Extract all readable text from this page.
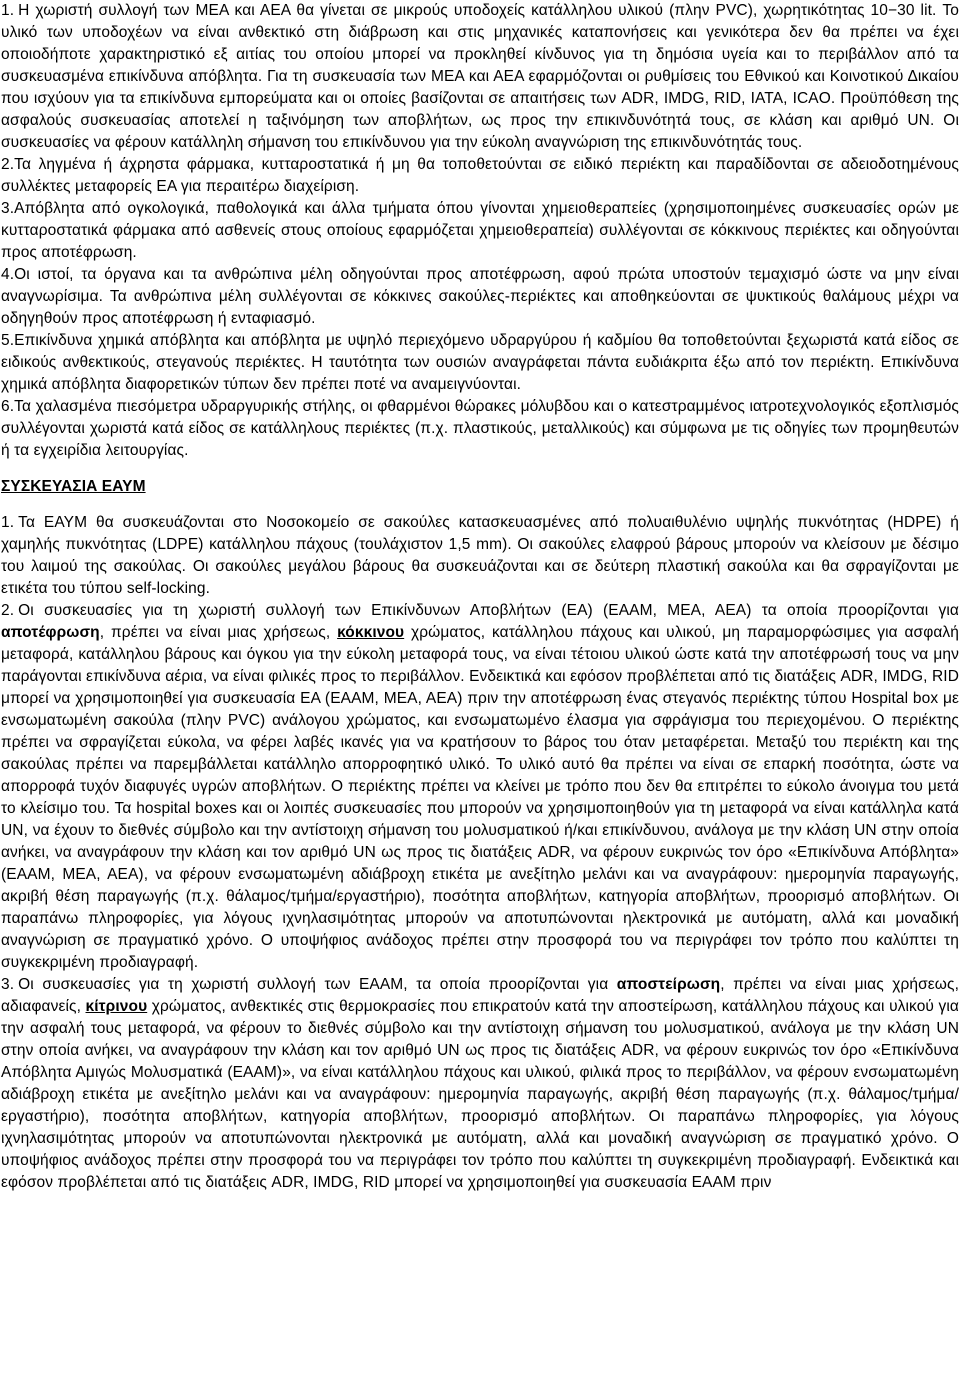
1. Η χωριστή συλλογή των ΜΕΑ και ΑΕΑ θα γίνεται σε μικρούς υποδοχείς κατάλληλου υλικού (πλην PVC), χωρητικότητας 10−30 lit. Το υλικό των υποδοχέων να είναι ανθεκτικό στη διάβρωση και στις μηχανικές καταπονήσεις και γενικότερα δεν θα πρέπει να έχει οποιοδήποτε χαρακτηριστικό εξ αιτίας του οποίου μπορεί να προκληθεί κίνδυνος για τη δημόσια υγεία και το περιβάλλον από τα συσκευασμένα επικίνδυνα απόβλητα. Για τη συσκευασία των ΜΕΑ και ΑΕΑ εφαρμόζονται οι ρυθμίσεις του Εθνικού και Κοινοτικού Δικαίου που ισχύουν για τα επικίνδυνα εμπορεύματα και οι οποίες βασίζονται σε απαιτήσεις των ADR, IMDG, RID, IATA, ICAO. Προϋπόθεση της ασφαλούς συσκευασίας αποτελεί η ταξινόμηση των αποβλήτων, ως προς την επικινδυνότητά τους, σε κλάση και αριθμό UN. Οι συσκευασίες να φέρουν κατάλληλη σήμανση του επικίνδυνου για την εύκολη αναγνώριση της επικινδυνότητάς τους.

2.Τα ληγμένα ή άχρηστα φάρμακα, κυτταροστατικά ή μη θα τοποθετούνται σε ειδικό περιέκτη και παραδίδονται σε αδειοδοτημένους συλλέκτες μεταφορείς ΕΑ για περαιτέρω διαχείριση.

3.Απόβλητα από ογκολογικά, παθολογικά και άλλα τμήματα όπου γίνονται χημειοθεραπείες (χρησιμοποιημένες συσκευασίες ορών με κυτταροστατικά φάρμακα από ασθενείς στους οποίους εφαρμόζεται χημειοθεραπεία) συλλέγονται σε κόκκινους περιέκτες και οδηγούνται προς αποτέφρωση.

4.Οι ιστοί, τα όργανα και τα ανθρώπινα μέλη οδηγούνται προς αποτέφρωση, αφού πρώτα υποστούν τεμαχισμό ώστε να μην είναι αναγνωρίσιμα. Τα ανθρώπινα μέλη συλλέγονται σε κόκκινες σακούλες-περιέκτες και αποθηκεύονται σε ψυκτικούς θαλάμους μέχρι να οδηγηθούν προς αποτέφρωση ή ενταφιασμό.

5.Επικίνδυνα χημικά απόβλητα και απόβλητα με υψηλό περιεχόμενο υδραργύρου ή καδμίου θα τοποθετούνται ξεχωριστά κατά είδος σε ειδικούς ανθεκτικούς, στεγανούς περιέκτες. Η ταυτότητα των ουσιών αναγράφεται πάντα ευδιάκριτα έξω από τον περιέκτη. Επικίνδυνα χημικά απόβλητα διαφορετικών τύπων δεν πρέπει ποτέ να αναμειγνύονται.

6.Τα χαλασμένα πιεσόμετρα υδραργυρικής στήλης, οι φθαρμένοι θώρακες μόλυβδου και ο κατεστραμμένος ιατροτεχνολογικός εξοπλισμός συλλέγονται χωριστά κατά είδος σε κατάλληλους περιέκτες (π.χ. πλαστικούς, μεταλλικούς) και σύμφωνα με τις οδηγίες των προμηθευτών ή τα εγχειρίδια λειτουργίας.

ΣΥΣΚΕΥΑΣΙΑ ΕΑΥΜ

1. Τα ΕΑΥΜ θα συσκευάζονται στο Νοσοκομείο σε σακούλες κατασκευασμένες από πολυαιθυλένιο υψηλής πυκνότητας (HDPE) ή χαμηλής πυκνότητας (LDPE) κατάλληλου πάχους (τουλάχιστον 1,5 mm). Οι σακούλες ελαφρού βάρους μπορούν να κλείσουν με δέσιμο του λαιμού της σακούλας. Οι σακούλες μεγάλου βάρους θα συσκευάζονται και σε δεύτερη πλαστική σακούλα και θα σφραγίζονται με ετικέτα του τύπου self-locking.

2. Οι συσκευασίες για τη χωριστή συλλογή των Επικίνδυνων Αποβλήτων (ΕΑ) (ΕΑΑΜ, ΜΕΑ, ΑΕΑ) τα οποία προορίζονται για αποτέφρωση, πρέπει να είναι μιας χρήσεως, κόκκινου χρώματος, κατάλληλου πάχους και υλικού, μη παραμορφώσιμες για ασφαλή μεταφορά, κατάλληλου βάρους και όγκου για την εύκολη μεταφορά τους, να είναι τέτοιου υλικού ώστε κατά την αποτέφρωσή τους να μην παράγονται επικίνδυνα αέρια, να είναι φιλικές προς το περιβάλλον. Ενδεικτικά και εφόσον προβλέπεται από τις διατάξεις ADR, IMDG, RID μπορεί να χρησιμοποιηθεί για συσκευασία ΕΑ (ΕΑΑΜ, ΜΕΑ, ΑΕΑ) πριν την αποτέφρωση ένας στεγανός περιέκτης τύπου Hospital box με ενσωματωμένη σακούλα (πλην PVC) ανάλογου χρώματος, και ενσωματωμένο έλασμα για σφράγισμα του περιεχομένου. Ο περιέκτης πρέπει να σφραγίζεται εύκολα, να φέρει λαβές ικανές για να κρατήσουν το βάρος του όταν μεταφέρεται. Μεταξύ του περιέκτη και της σακούλας πρέπει να παρεμβάλλεται κατάλληλο απορροφητικό υλικό. Το υλικό αυτό θα πρέπει να είναι σε επαρκή ποσότητα, ώστε να απορροφά τυχόν διαφυγές υγρών αποβλήτων. Ο περιέκτης πρέπει να κλείνει με τρόπο που δεν θα επιτρέπει το εύκολο άνοιγμα του μετά το κλείσιμο του. Τα hospital boxes και οι λοιπές συσκευασίες που μπορούν να χρησιμοποιηθούν για τη μεταφορά να είναι κατάλληλα κατά UN, να έχουν το διεθνές σύμβολο και την αντίστοιχη σήμανση του μολυσματικού ή/και επικίνδυνου, ανάλογα με την κλάση UN στην οποία ανήκει, να αναγράφουν την κλάση και τον αριθμό UN ως προς τις διατάξεις ADR, να φέρουν ευκρινώς τον όρο «Επικίνδυνα Απόβλητα» (ΕΑΑΜ, ΜΕΑ, ΑΕΑ), να φέρουν ενσωματωμένη αδιάβροχη ετικέτα με ανεξίτηλο μελάνι και να αναγράφουν: ημερομηνία παραγωγής, ακριβή θέση παραγωγής (π.χ. θάλαμος/τμήμα/εργαστήριο), ποσότητα αποβλήτων, κατηγορία αποβλήτων, προορισμό αποβλήτων. Οι παραπάνω πληροφορίες, για λόγους ιχνηλασιμότητας μπορούν να αποτυπώνονται ηλεκτρονικά με αυτόματη, αλλά και μοναδική αναγνώριση σε πραγματικό χρόνο. Ο υποψήφιος ανάδοχος πρέπει στην προσφορά του να περιγράφει τον τρόπο που καλύπτει τη συγκεκριμένη προδιαγραφή.

3. Οι συσκευασίες για τη χωριστή συλλογή των ΕΑΑΜ, τα οποία προορίζονται για αποστείρωση, πρέπει να είναι μιας χρήσεως, αδιαφανείς, κίτρινου χρώματος, ανθεκτικές στις θερμοκρασίες που επικρατούν κατά την αποστείρωση, κατάλληλου πάχους και υλικού για την ασφαλή τους μεταφορά, να φέρουν το διεθνές σύμβολο και την αντίστοιχη σήμανση του μολυσματικού, ανάλογα με την κλάση UN στην οποία ανήκει, να αναγράφουν την κλάση και τον αριθμό UN ως προς τις διατάξεις ADR, να φέρουν ευκρινώς τον όρο «Επικίνδυνα Απόβλητα Αμιγώς Μολυσματικά (ΕΑΑΜ)», να είναι κατάλληλου πάχους και υλικού, φιλικά προς το περιβάλλον, να φέρουν ενσωματωμένη αδιάβροχη ετικέτα με ανεξίτηλο μελάνι και να αναγράφουν: ημερομηνία παραγωγής, ακριβή θέση παραγωγής (π.χ. θάλαμος/τμήμα/εργαστήριο), ποσότητα αποβλήτων, κατηγορία αποβλήτων, προορισμό αποβλήτων. Οι παραπάνω πληροφορίες, για λόγους ιχνηλασιμότητας μπορούν να αποτυπώνονται ηλεκτρονικά με αυτόματη, αλλά και μοναδική αναγνώριση σε πραγματικό χρόνο. Ο υποψήφιος ανάδοχος πρέπει στην προσφορά του να περιγράφει τον τρόπο που καλύπτει τη συγκεκριμένη προδιαγραφή. Ενδεικτικά και εφόσον προβλέπεται από τις διατάξεις ADR, IMDG, RID μπορεί να χρησιμοποιηθεί για συσκευασία ΕΑΑΜ πριν
